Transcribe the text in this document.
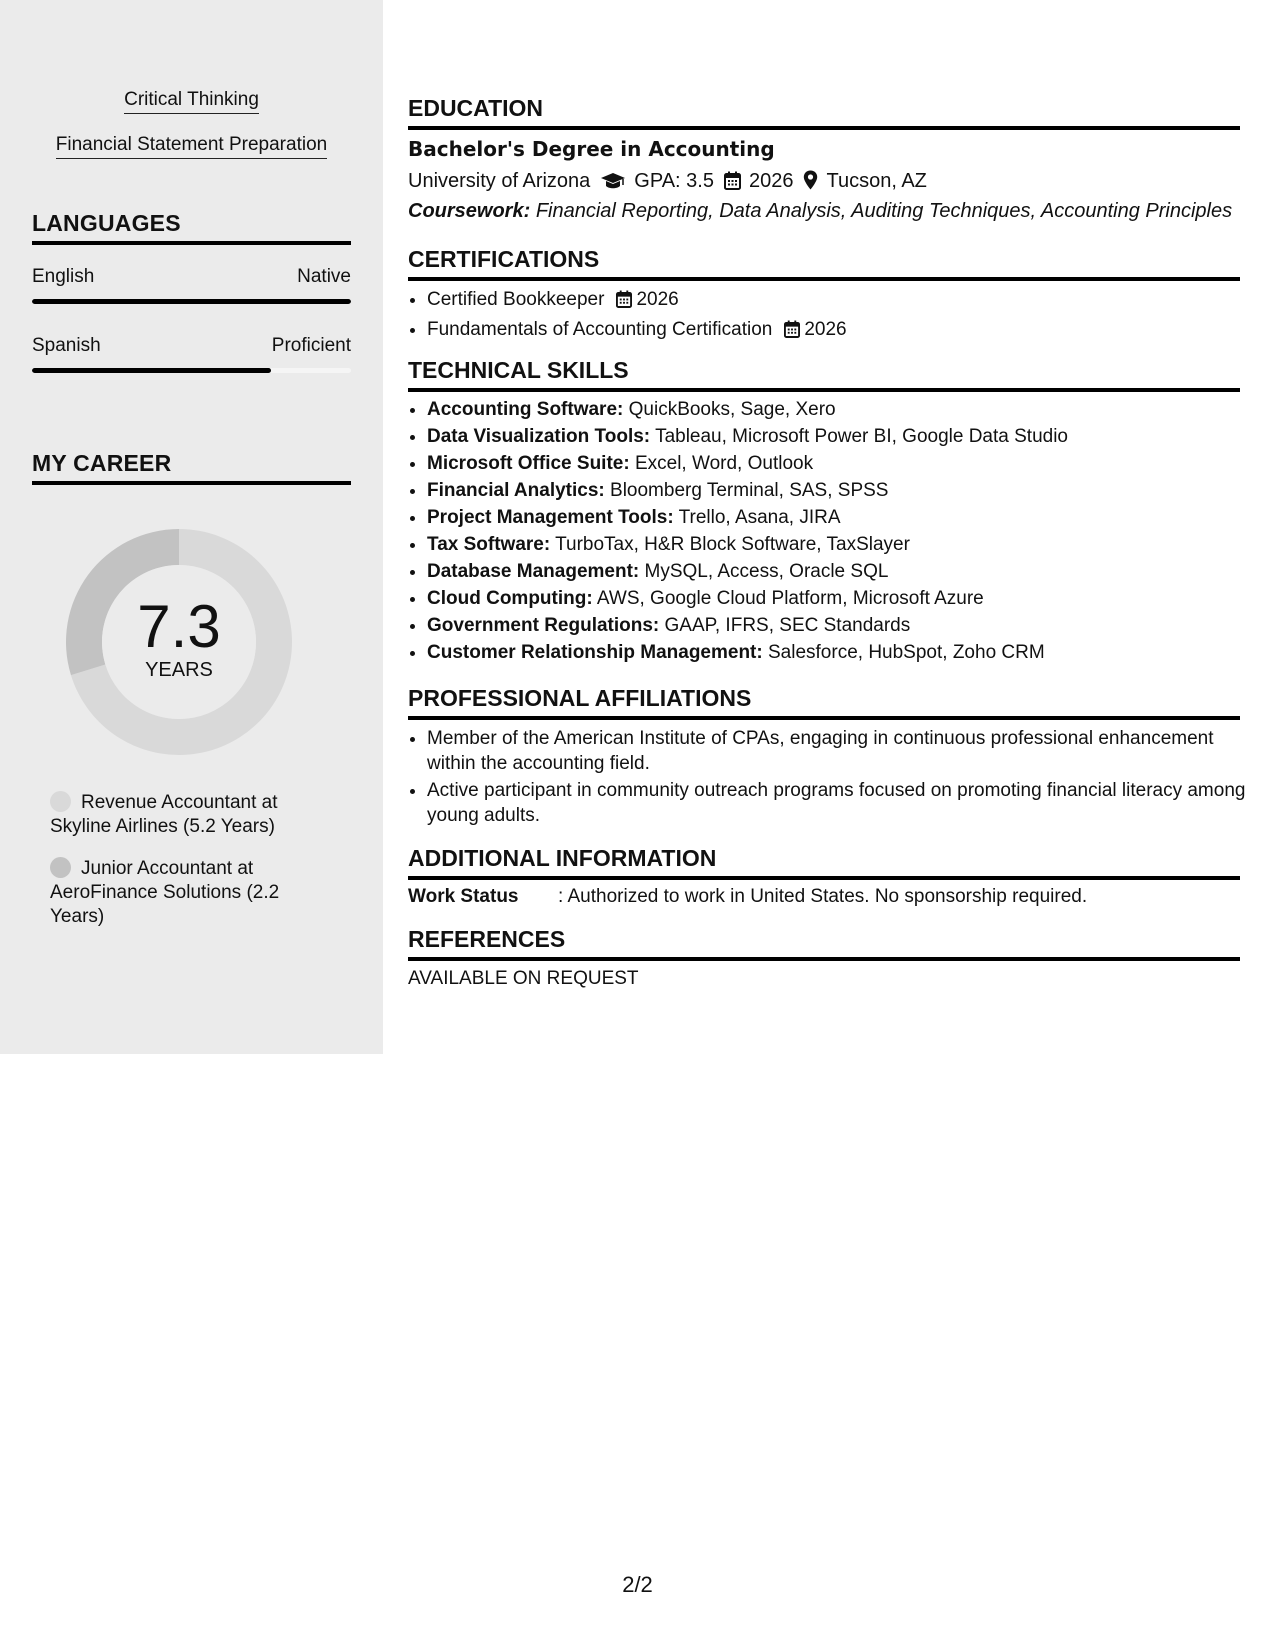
Critical Thinking
Financial Statement Preparation
LANGUAGES
English	Native
Spanish	Proficient
MY CAREER
7.3
YEARS
Revenue Accountant at Skyline Airlines (5.2 Years)
Junior Accountant at AeroFinance Solutions (2.2 Years)
EDUCATION
Bachelor's Degree in Accounting
University of Arizona GPA: 3.5 2026 Tucson, AZ
Coursework: Financial Reporting, Data Analysis, Auditing Techniques, Accounting Principles
CERTIFICATIONS
• Certified Bookkeeper 2026
• Fundamentals of Accounting Certification 2026
TECHNICAL SKILLS
• Accounting Software: QuickBooks, Sage, Xero
• Data Visualization Tools: Tableau, Microsoft Power BI, Google Data Studio
• Microsoft Office Suite: Excel, Word, Outlook
• Financial Analytics: Bloomberg Terminal, SAS, SPSS
• Project Management Tools: Trello, Asana, JIRA
• Tax Software: TurboTax, H&R Block Software, TaxSlayer
• Database Management: MySQL, Access, Oracle SQL
• Cloud Computing: AWS, Google Cloud Platform, Microsoft Azure
• Government Regulations: GAAP, IFRS, SEC Standards
• Customer Relationship Management: Salesforce, HubSpot, Zoho CRM
PROFESSIONAL AFFILIATIONS
• Member of the American Institute of CPAs, engaging in continuous professional enhancement within the accounting field.
• Active participant in community outreach programs focused on promoting financial literacy among young adults.
ADDITIONAL INFORMATION
Work Status : Authorized to work in United States. No sponsorship required.
REFERENCES
AVAILABLE ON REQUEST
2/2
